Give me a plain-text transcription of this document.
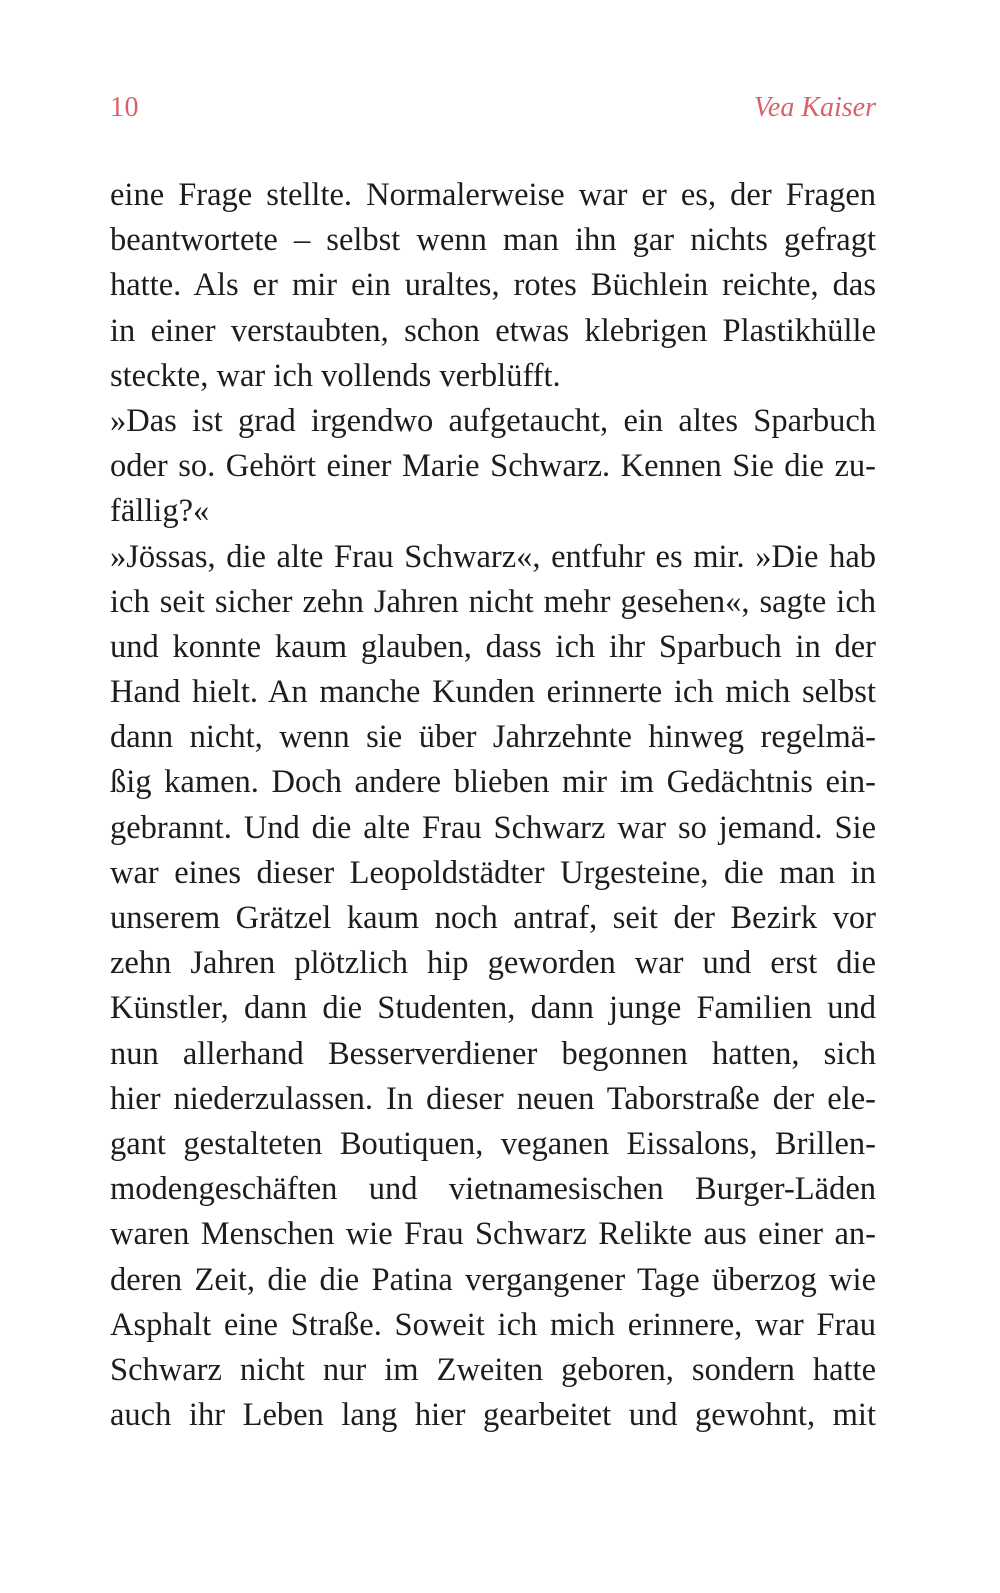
10	Vea Kaiser
eine Frage stellte. Normalerweise war er es, der Fragen
beantwortete – selbst wenn man ihn gar nichts gefragt
hatte. Als er mir ein uraltes, rotes Büchlein reichte, das
in einer verstaubten, schon etwas klebrigen Plastikhülle
steckte, war ich vollends verblüfft.
»Das ist grad irgendwo aufgetaucht, ein altes Sparbuch
oder so. Gehört einer Marie Schwarz. Kennen Sie die zu-
fällig?«
»Jössas, die alte Frau Schwarz«, entfuhr es mir. »Die hab
ich seit sicher zehn Jahren nicht mehr gesehen«, sagte ich
und konnte kaum glauben, dass ich ihr Sparbuch in der
Hand hielt. An manche Kunden erinnerte ich mich selbst
dann nicht, wenn sie über Jahrzehnte hinweg regelmä-
ßig kamen. Doch andere blieben mir im Gedächtnis ein-
gebrannt. Und die alte Frau Schwarz war so jemand. Sie
war eines dieser Leopoldstädter Urgesteine, die man in
unserem Grätzel kaum noch antraf, seit der Bezirk vor
zehn Jahren plötzlich hip geworden war und erst die
Künstler, dann die Studenten, dann junge Familien und
nun allerhand Besserverdiener begonnen hatten, sich
hier niederzulassen. In dieser neuen Taborstraße der ele-
gant gestalteten Boutiquen, veganen Eissalons, Brillen-
modengeschäften und vietnamesischen Burger-Läden
waren Menschen wie Frau Schwarz Relikte aus einer an-
deren Zeit, die die Patina vergangener Tage überzog wie
Asphalt eine Straße. Soweit ich mich erinnere, war Frau
Schwarz nicht nur im Zweiten geboren, sondern hatte
auch ihr Leben lang hier gearbeitet und gewohnt, mit
